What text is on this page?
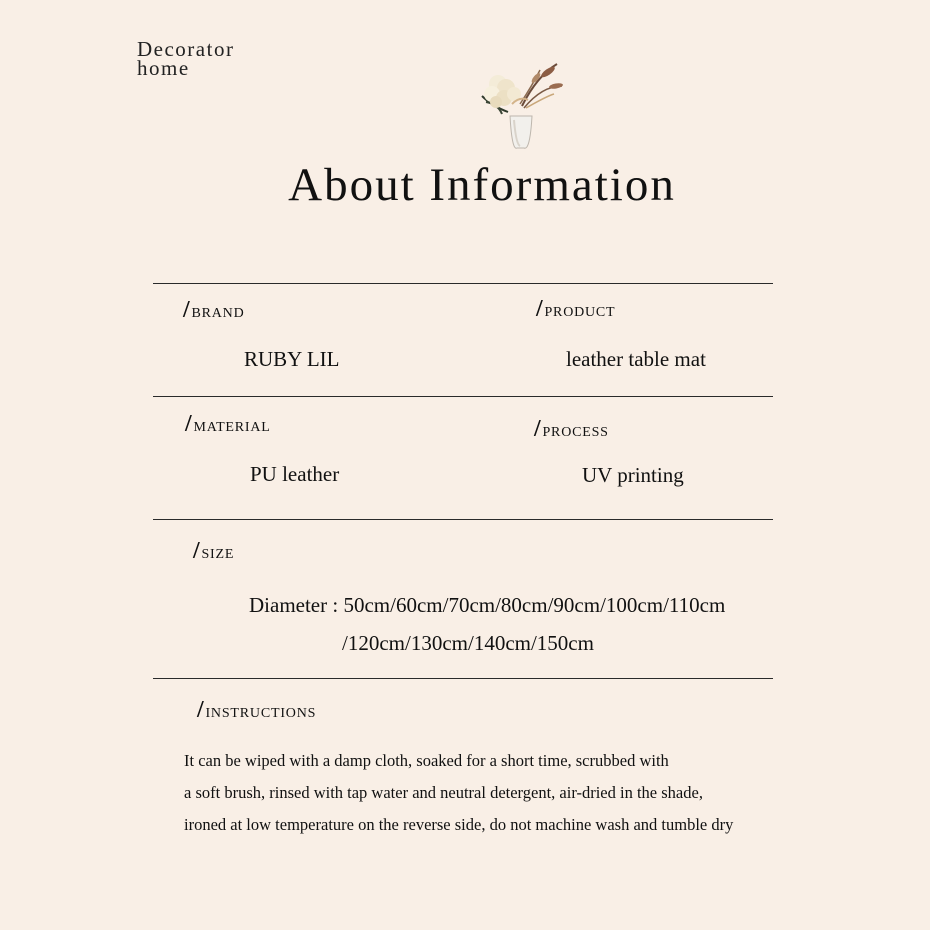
Decorator
home
About Information
/brand
RUBY LIL
/product
leather table mat
/material
PU leather
/process
UV printing
/size
Diameter : 50cm/60cm/70cm/80cm/90cm/100cm/110cm
/120cm/130cm/140cm/150cm
/instructions
It can be wiped with a damp cloth, soaked for a short time, scrubbed with
a soft brush, rinsed with tap water and neutral detergent, air-dried in the shade,
ironed at low temperature on the reverse side, do not machine wash and tumble dry
